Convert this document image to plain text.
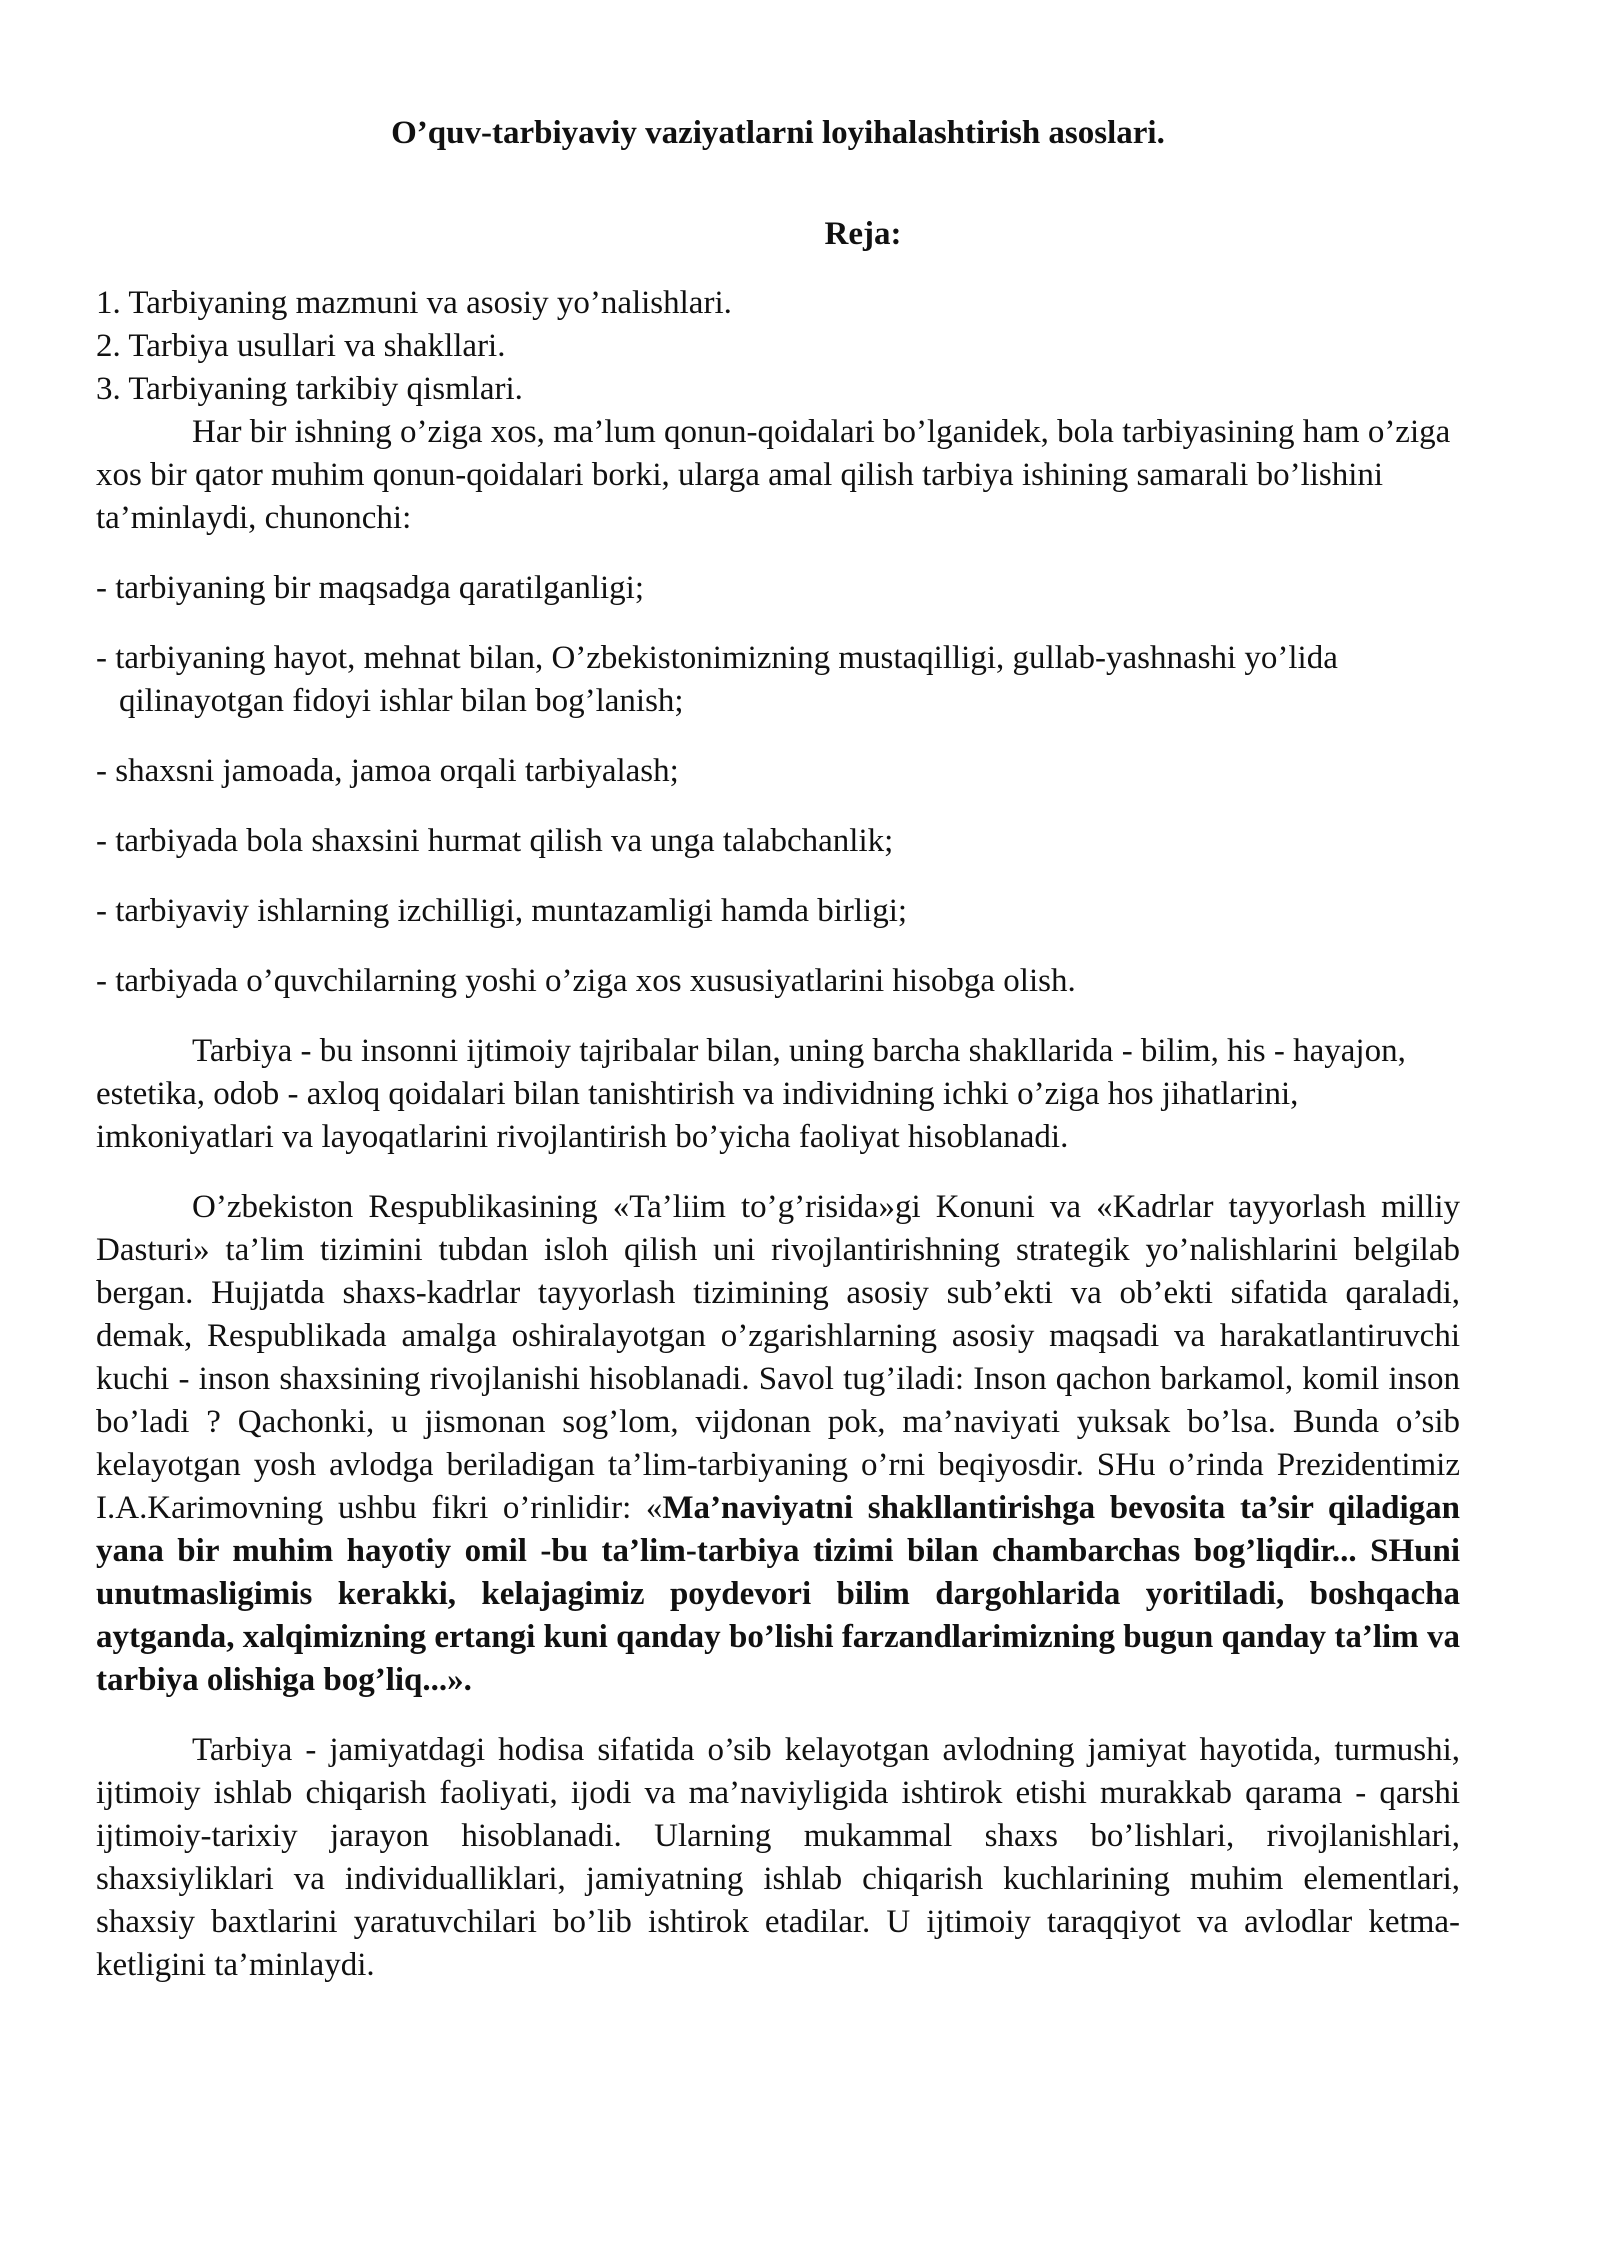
O’quv-tarbiyaviy vaziyatlarni loyihalashtirish asoslari.

Reja:

1. Tarbiyaning mazmuni va asosiy yo’nalishlari.
2. Tarbiya usullari va shakllari.
3. Tarbiyaning tarkibiy qismlari.

Har bir ishning o’ziga xos, ma’lum qonun-qoidalari bo’lganidek, bola tarbiyasining ham o’ziga xos bir qator muhim qonun-qoidalari borki, ularga amal qilish tarbiya ishining samarali bo’lishini ta’minlaydi, chunonchi:

- tarbiyaning bir maqsadga qaratilganligi;
- tarbiyaning hayot, mehnat bilan, O’zbekistonimizning mustaqilligi, gullab-yashnashi yo’lida qilinayotgan fidoyi ishlar bilan bog’lanish;
- shaxsni jamoada, jamoa orqali tarbiyalash;
- tarbiyada bola shaxsini hurmat qilish va unga talabchanlik;
- tarbiyaviy ishlarning izchilligi, muntazamligi hamda birligi;
- tarbiyada o’quvchilarning yoshi o’ziga xos xususiyatlarini hisobga olish.

Tarbiya - bu insonni ijtimoiy tajribalar bilan, uning barcha shakllarida - bilim, his - hayajon, estetika, odob - axloq qoidalari bilan tanishtirish va individning ichki o’ziga hos jihatlarini, imkoniyatlari va layoqatlarini rivojlantirish bo’yicha faoliyat hisoblanadi.

O’zbekiston Respublikasining «Ta’liim to’g’risida»gi Konuni va «Kadrlar tayyorlash milliy Dasturi» ta’lim tizimini tubdan isloh qilish uni rivojlantirishning strategik yo’nalishlarini belgilab bergan. Hujjatda shaxs-kadrlar tayyorlash tizimining asosiy sub’ekti va ob’ekti sifatida qaraladi, demak, Respublikada amalga oshiralayotgan o’zgarishlarning asosiy maqsadi va harakatlantiruvchi kuchi - inson shaxsining rivojlanishi hisoblanadi. Savol tug’iladi: Inson qachon barkamol, komil inson bo’ladi ? Qachonki, u jismonan sog’lom, vijdonan pok, ma’naviyati yuksak bo’lsa. Bunda o’sib kelayotgan yosh avlodga beriladigan ta’lim-tarbiyaning o’rni beqiyosdir. SHu o’rinda Prezidentimiz I.A.Karimovning ushbu fikri o’rinlidir: «Ma’naviyatni shakllantirishga bevosita ta’sir qiladigan yana bir muhim hayotiy omil -bu ta’lim-tarbiya tizimi bilan chambarchas bog’liqdir... SHuni unutmasligimis kerakki, kelajagimiz poydevori bilim dargohlarida yoritiladi, boshqacha aytganda, xalqimizning ertangi kuni qanday bo’lishi farzandlarimizning bugun qanday ta’lim va tarbiya olishiga bog’liq...».

Tarbiya - jamiyatdagi hodisa sifatida o’sib kelayotgan avlodning jamiyat hayotida, turmushi, ijtimoiy ishlab chiqarish faoliyati, ijodi va ma’naviyligida ishtirok etishi murakkab qarama - qarshi ijtimoiy-tarixiy jarayon hisoblanadi. Ularning mukammal shaxs bo’lishlari, rivojlanishlari, shaxsiyliklari va individualliklari, jamiyatning ishlab chiqarish kuchlarining muhim elementlari, shaxsiy baxtlarini yaratuvchilari bo’lib ishtirok etadilar. U ijtimoiy taraqqiyot va avlodlar ketma-ketligini ta’minlaydi.
